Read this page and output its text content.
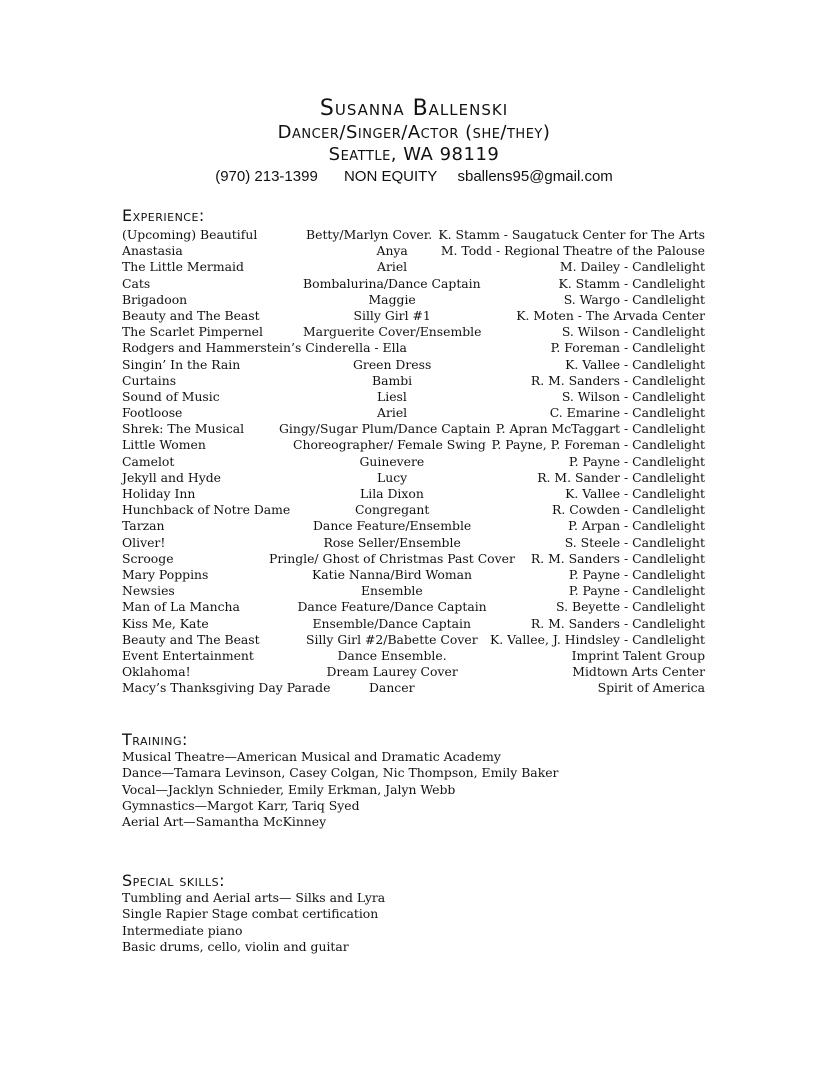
Susanna Ballenski
Dancer/Singer/Actor (she/they)
Seattle, WA 98119
(970) 213-1399 NON EQUITY sballens95@gmail.com
Experience:
(Upcoming) Beautiful	Betty/Marlyn Cover. K. Stamm - Saugatuck Center for The Arts
Anastasia	Anya	M. Todd - Regional Theatre of the Palouse
The Little Mermaid	Ariel	M. Dailey - Candlelight
Cats	Bombalurina/Dance Captain	K. Stamm - Candlelight
Brigadoon	Maggie	S. Wargo - Candlelight
Beauty and The Beast	Silly Girl #1	K. Moten - The Arvada Center
The Scarlet Pimpernel	Marguerite Cover/Ensemble	S. Wilson - Candlelight
Rodgers and Hammerstein’s Cinderella - Ella	P. Foreman - Candlelight
Singin’ In the Rain	Green Dress	K. Vallee - Candlelight
Curtains	Bambi	R. M. Sanders - Candlelight
Sound of Music	Liesl	S. Wilson - Candlelight
Footloose	Ariel	C. Emarine - Candlelight
Shrek: The Musical	Gingy/Sugar Plum/Dance Captain P. Apran McTaggart - Candlelight
Little Women	Choreographer/ Female Swing P. Payne, P. Foreman - Candlelight
Camelot	Guinevere	P. Payne - Candlelight
Jekyll and Hyde	Lucy	R. M. Sander - Candlelight
Holiday Inn	Lila Dixon	K. Vallee - Candlelight
Hunchback of Notre Dame	Congregant	R. Cowden - Candlelight
Tarzan	Dance Feature/Ensemble	P. Arpan - Candlelight
Oliver!	Rose Seller/Ensemble	S. Steele - Candlelight
Scrooge	Pringle/ Ghost of Christmas Past Cover R. M. Sanders - Candlelight
Mary Poppins	Katie Nanna/Bird Woman	P. Payne - Candlelight
Newsies	Ensemble	P. Payne - Candlelight
Man of La Mancha	Dance Feature/Dance Captain	S. Beyette - Candlelight
Kiss Me, Kate	Ensemble/Dance Captain	R. M. Sanders - Candlelight
Beauty and The Beast	Silly Girl #2/Babette Cover K. Vallee, J. Hindsley - Candlelight
Event Entertainment	Dance Ensemble.	Imprint Talent Group
Oklahoma!	Dream Laurey Cover	Midtown Arts Center
Macy’s Thanksgiving Day Parade	Dancer	Spirit of America
Training:
Musical Theatre—American Musical and Dramatic Academy
Dance—Tamara Levinson, Casey Colgan, Nic Thompson, Emily Baker
Vocal—Jacklyn Schnieder, Emily Erkman, Jalyn Webb
Gymnastics—Margot Karr, Tariq Syed
Aerial Art—Samantha McKinney
Special skills:
Tumbling and Aerial arts— Silks and Lyra
Single Rapier Stage combat certification
Intermediate piano
Basic drums, cello, violin and guitar
